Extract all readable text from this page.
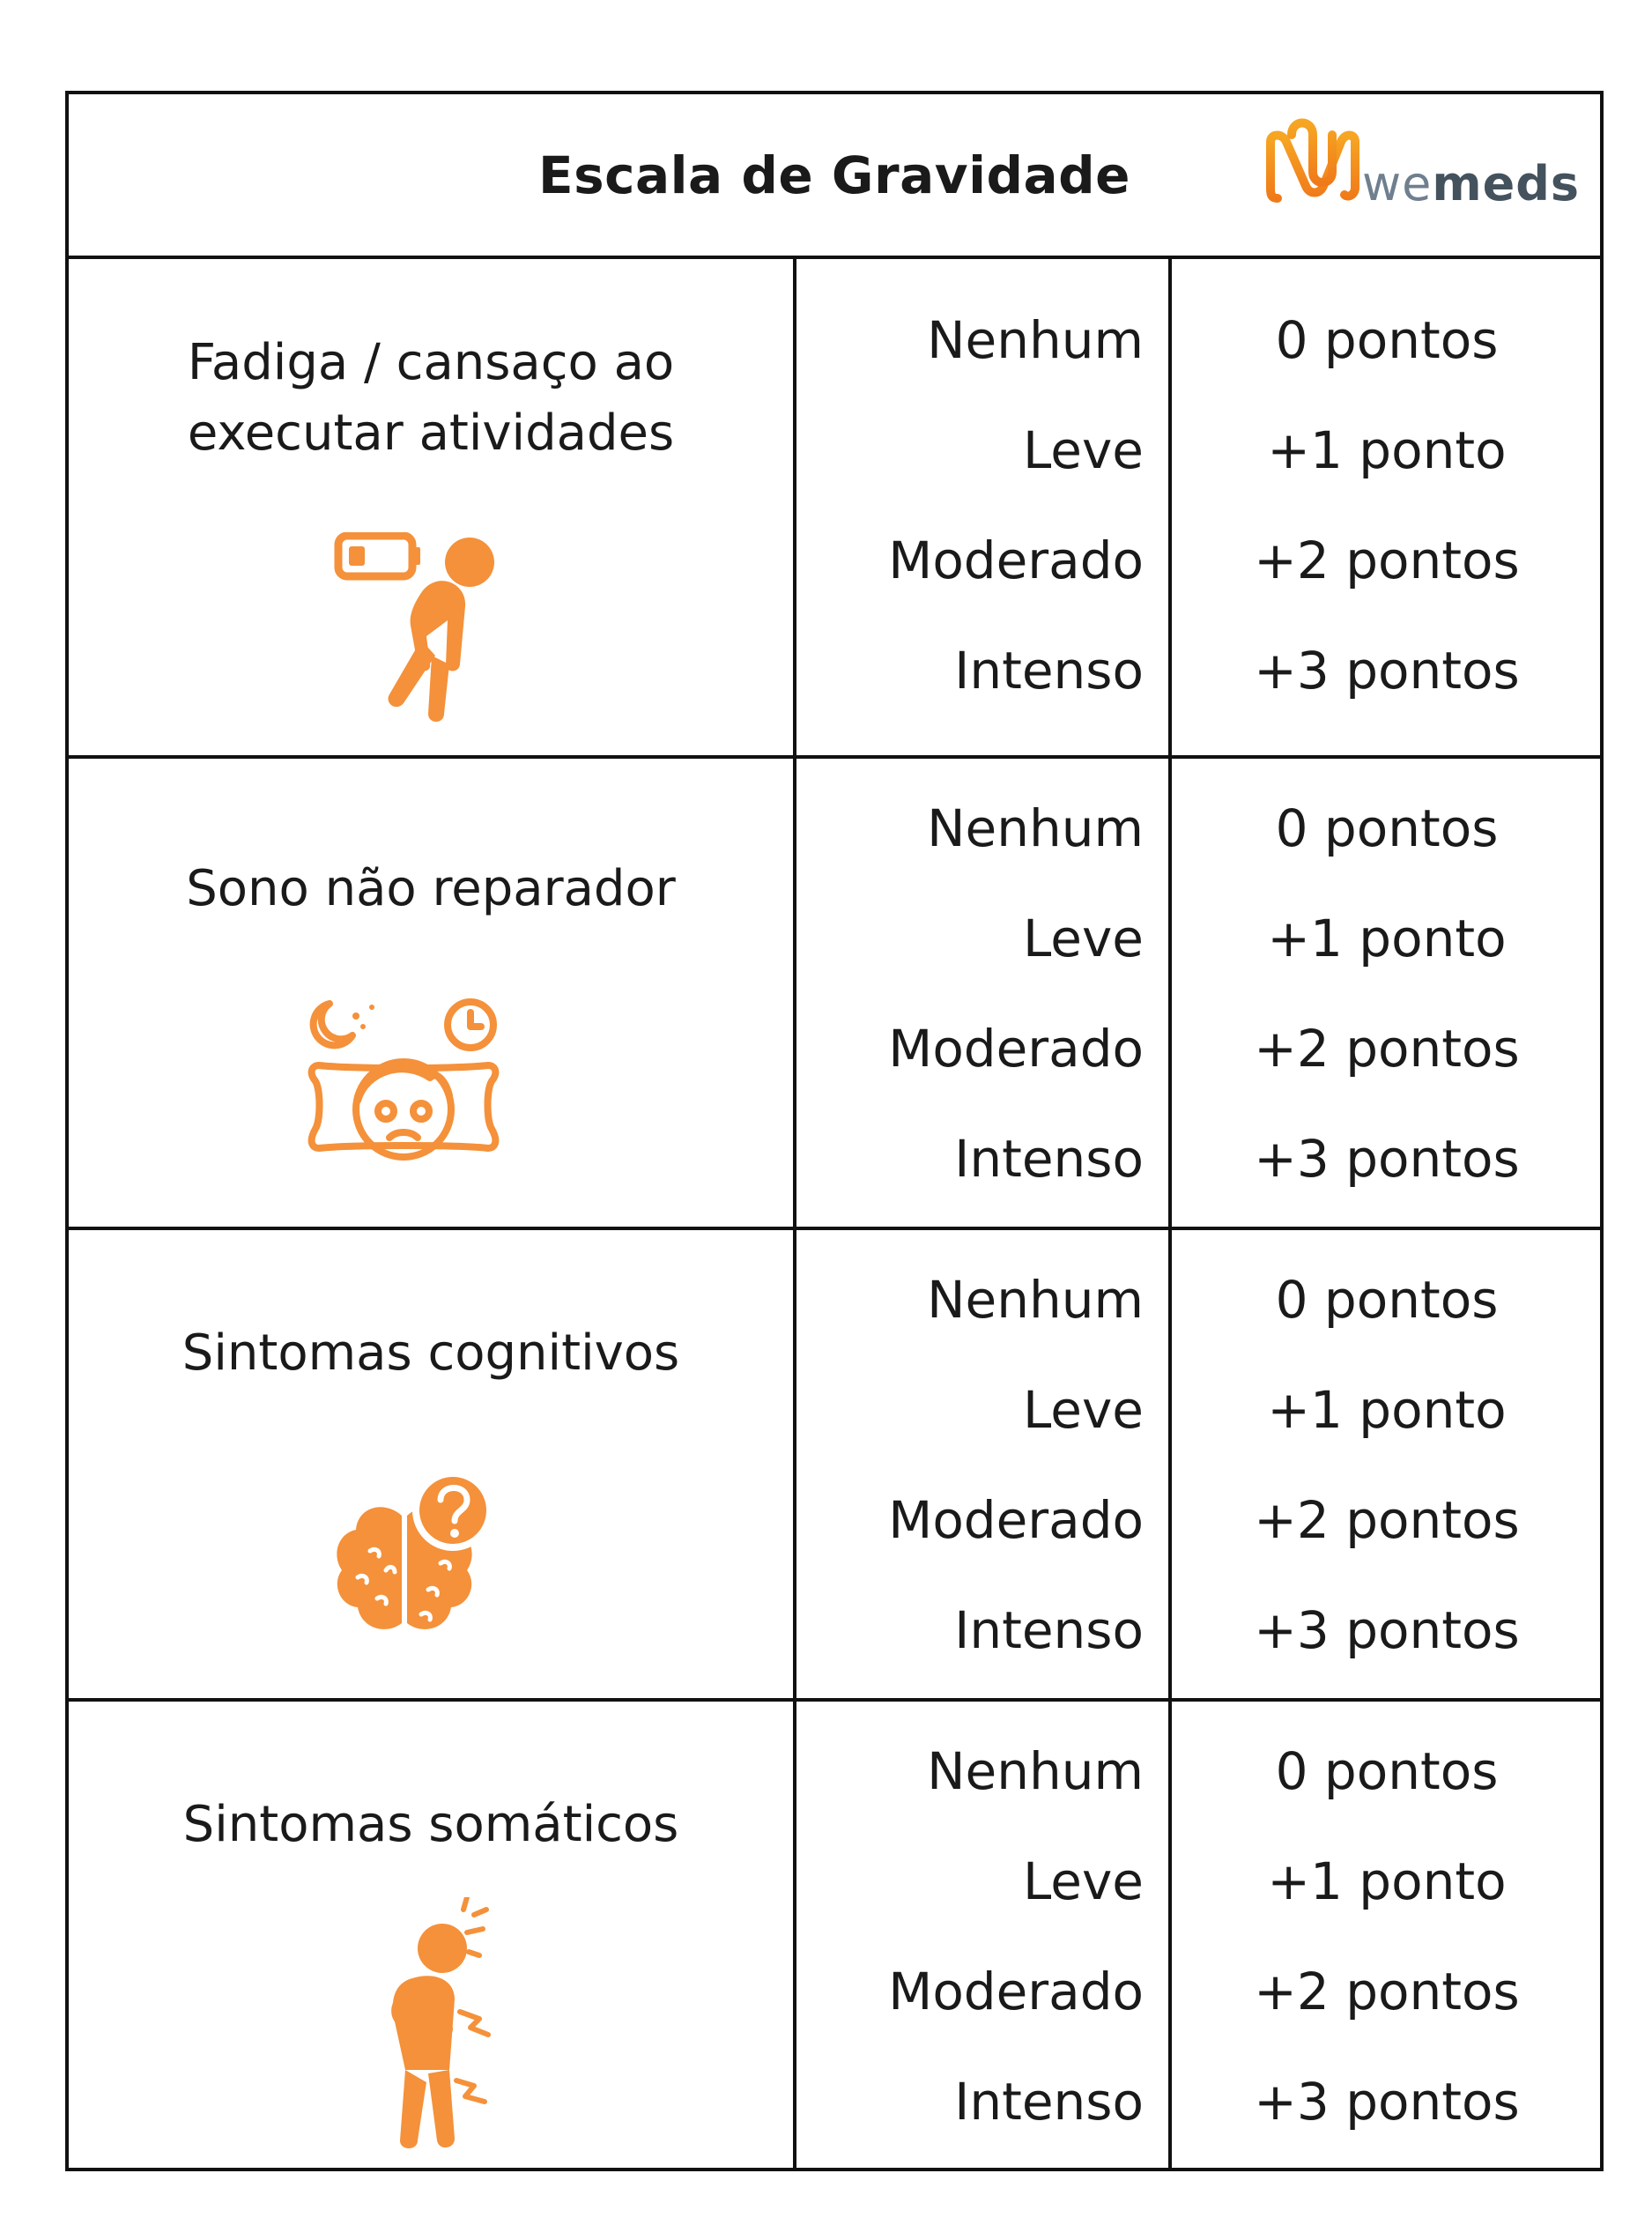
Escala de Gravidade	wemeds
Fadiga / cansaço ao executar atividades
Nenhum
Leve
Moderado
Intenso
0 pontos
+1 ponto
+2 pontos
+3 pontos
Sono não reparador
Nenhum
Leve
Moderado
Intenso
0 pontos
+1 ponto
+2 pontos
+3 pontos
Sintomas cognitivos
Nenhum
Leve
Moderado
Intenso
0 pontos
+1 ponto
+2 pontos
+3 pontos
Sintomas somáticos
Nenhum
Leve
Moderado
Intenso
0 pontos
+1 ponto
+2 pontos
+3 pontos
